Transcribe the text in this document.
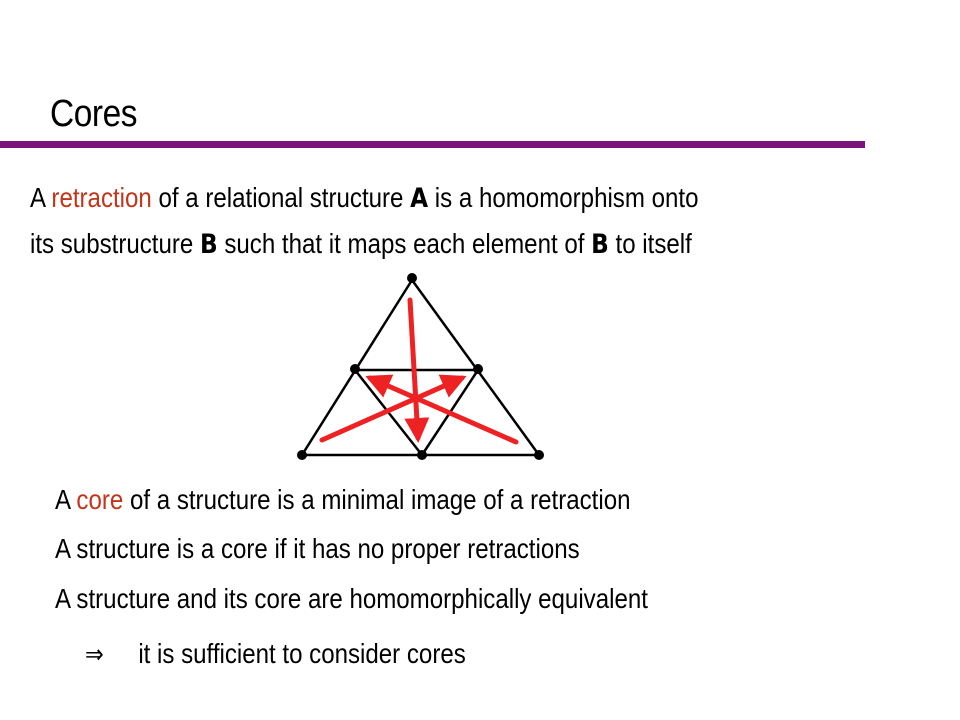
Cores
A retraction of a relational structure A is a homomorphism onto
its substructure B such that it maps each element of B to itself
A core of a structure is a minimal image of a retraction
A structure is a core if it has no proper retractions
A structure and its core are homomorphically equivalent
⇒ it is sufficient to consider cores
